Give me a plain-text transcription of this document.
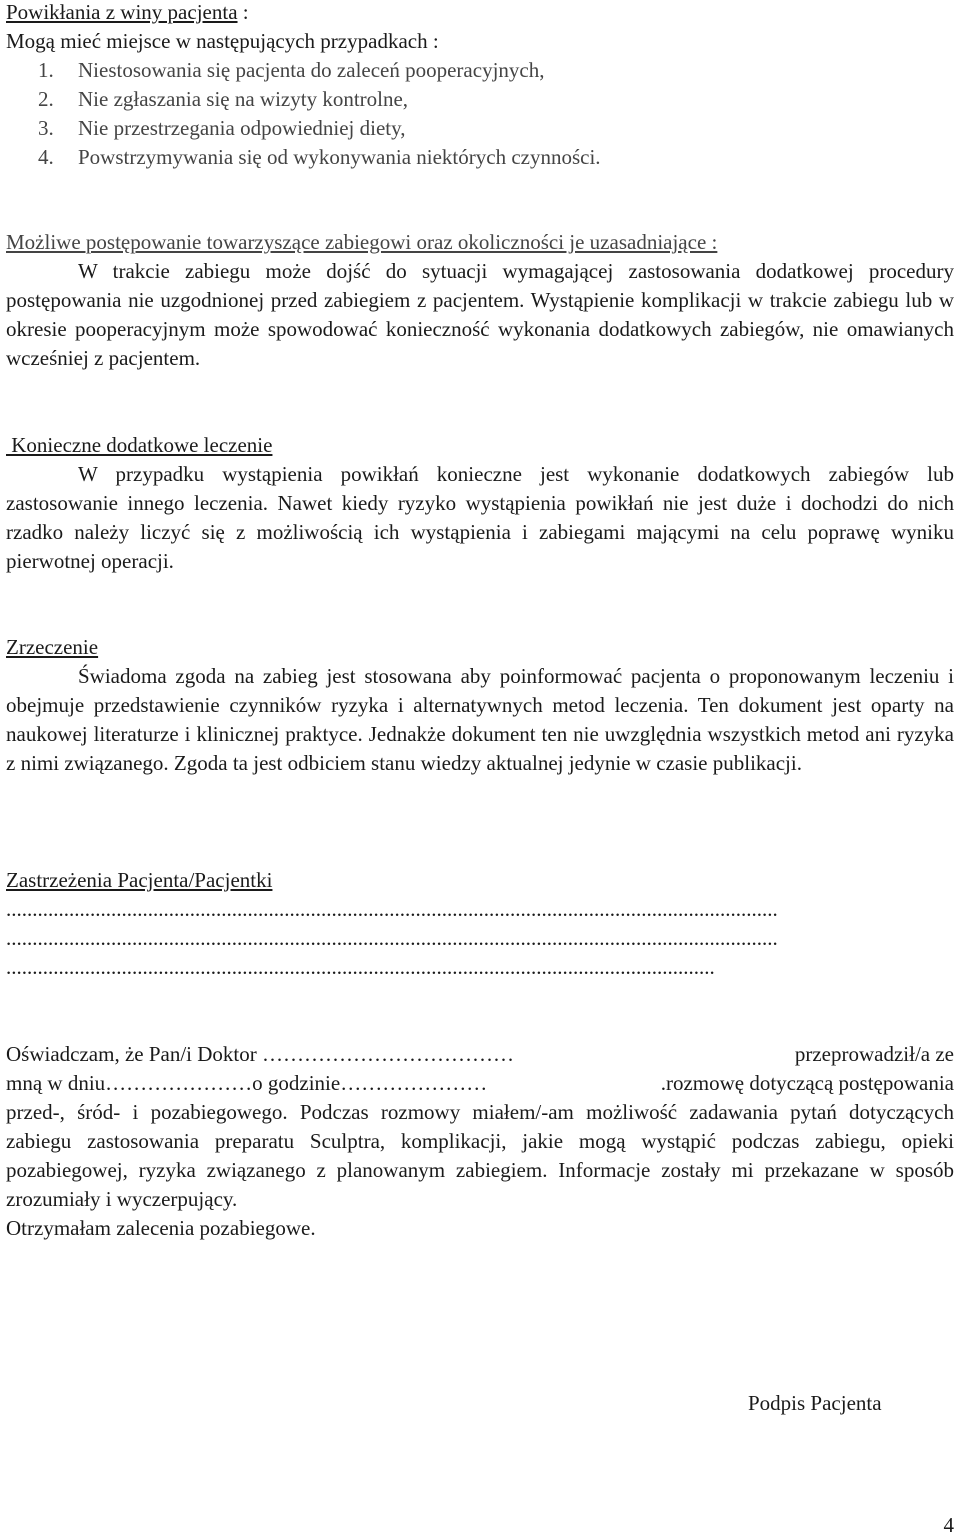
Powikłania z winy pacjenta :
Mogą mieć miejsce w następujących przypadkach :
1. Niestosowania się pacjenta do zaleceń pooperacyjnych,
2. Nie zgłaszania się na wizyty kontrolne,
3. Nie przestrzegania odpowiedniej diety,
4. Powstrzymywania się od wykonywania niektórych czynności.
Możliwe postępowanie towarzyszące zabiegowi oraz okoliczności je uzasadniające :
W trakcie zabiegu może dojść do sytuacji wymagającej zastosowania dodatkowej procedury postępowania nie uzgodnionej przed zabiegiem z pacjentem. Wystąpienie komplikacji w trakcie zabiegu lub w okresie pooperacyjnym może spowodować konieczność wykonania dodatkowych zabiegów, nie omawianych wcześniej z pacjentem.
Konieczne dodatkowe leczenie
W przypadku wystąpienia powikłań konieczne jest wykonanie dodatkowych zabiegów lub zastosowanie innego leczenia. Nawet kiedy ryzyko wystąpienia powikłań nie jest duże i dochodzi do nich rzadko należy liczyć się z możliwością ich wystąpienia i zabiegami mającymi na celu poprawę wyniku pierwotnej operacji.
Zrzeczenie
Świadoma zgoda na zabieg jest stosowana aby poinformować pacjenta o proponowanym leczeniu i obejmuje przedstawienie czynników ryzyka i alternatywnych metod leczenia. Ten dokument jest oparty na naukowej literaturze i klinicznej praktyce. Jednakże dokument ten nie uwzględnia wszystkich metod ani ryzyka z nimi związanego. Zgoda ta jest odbiciem stanu wiedzy aktualnej jedynie w czasie publikacji.
Zastrzeżenia Pacjenta/Pacjentki
...................................................................................................................................................
...................................................................................................................................................
.......................................................................................................................................
Oświadczam, że Pan/i Doktor ………………………………	przeprowadził/a ze
mną w dniu…………………o godzinie…………………	.rozmowę dotyczącą postępowania
przed-, śród- i pozabiegowego. Podczas rozmowy miałem/-am możliwość zadawania pytań dotyczących zabiegu zastosowania preparatu Sculptra, komplikacji, jakie mogą wystąpić podczas zabiegu, opieki pozabiegowej, ryzyka związanego z planowanym zabiegiem. Informacje zostały mi przekazane w sposób zrozumiały i wyczerpujący.
Otrzymałam zalecenia pozabiegowe.
Podpis Pacjenta
4
